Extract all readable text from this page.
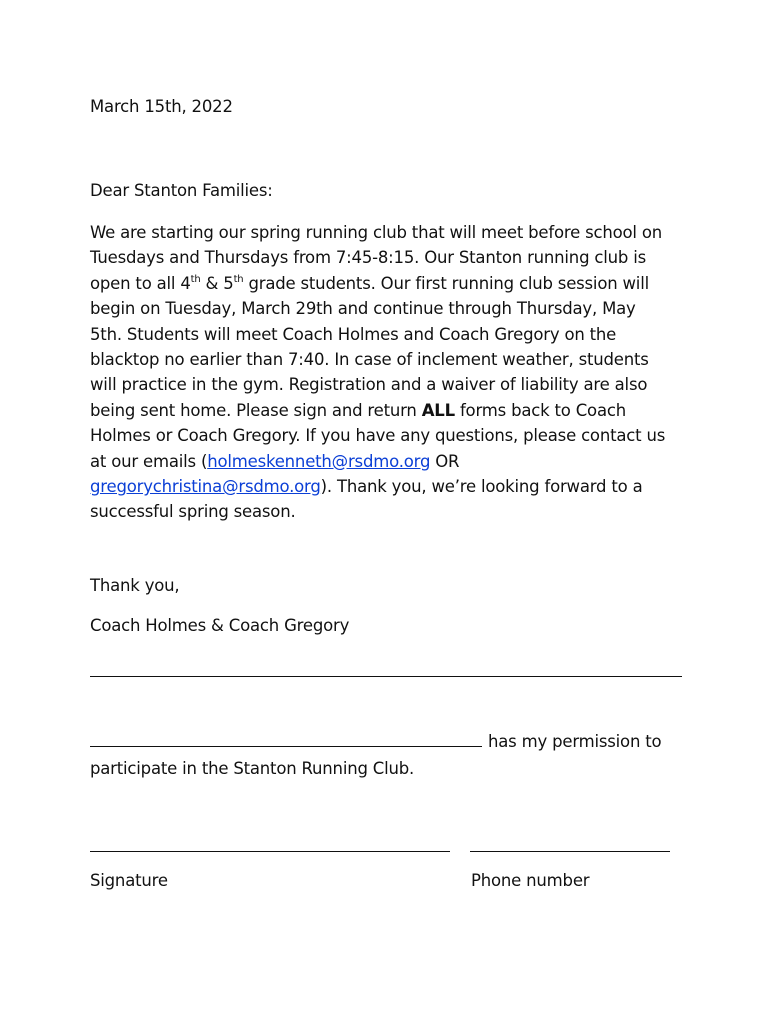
March 15th, 2022
Dear Stanton Families:
We are starting our spring running club that will meet before school on
Tuesdays and Thursdays from 7:45-8:15. Our Stanton running club is
open to all 4th & 5th grade students. Our first running club session will
begin on Tuesday, March 29th and continue through Thursday, May
5th. Students will meet Coach Holmes and Coach Gregory on the
blacktop no earlier than 7:40. In case of inclement weather, students
will practice in the gym. Registration and a waiver of liability are also
being sent home. Please sign and return ALL forms back to Coach
Holmes or Coach Gregory. If you have any questions, please contact us
at our emails (holmeskenneth@rsdmo.org OR
gregorychristina@rsdmo.org). Thank you, we’re looking forward to a
successful spring season.
Thank you,
Coach Holmes & Coach Gregory
has my permission to
participate in the Stanton Running Club.
Signature	Phone number
